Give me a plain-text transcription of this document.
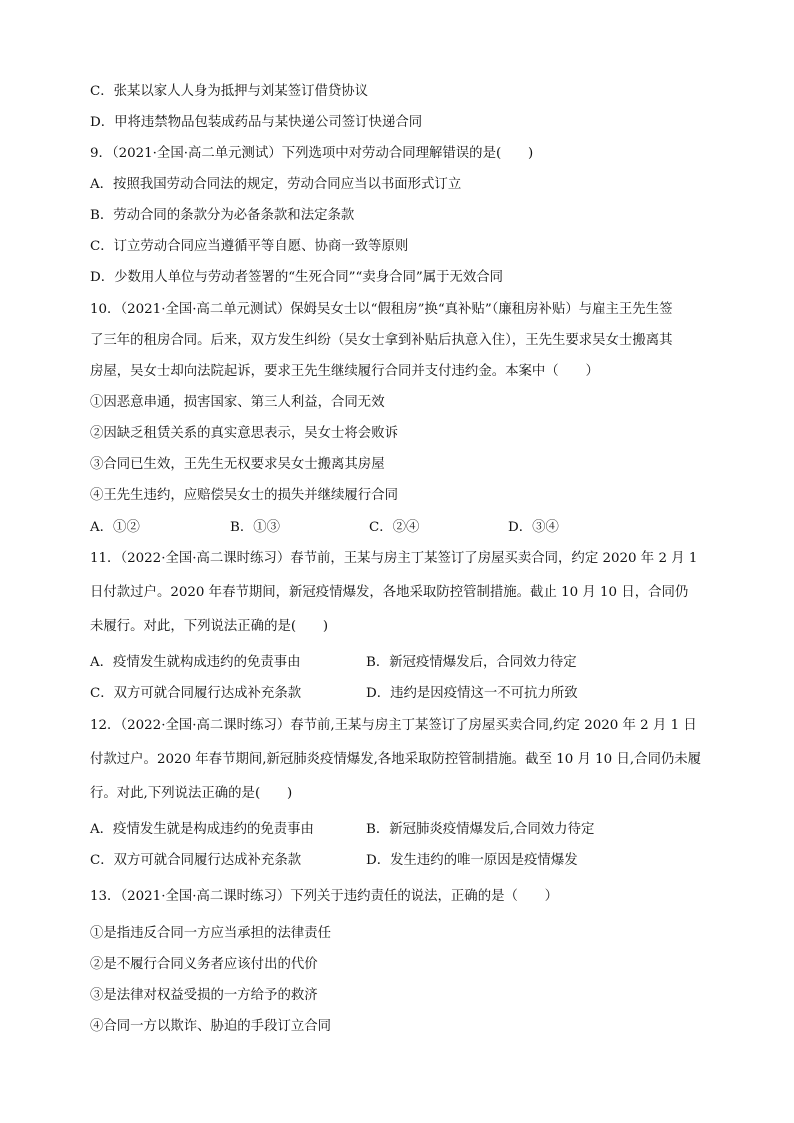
C．张某以家人人身为抵押与刘某签订借贷协议
D．甲将违禁物品包装成药品与某快递公司签订快递合同
9．（2021·全国·高二单元测试）下列选项中对劳动合同理解错误的是(　　)
A．按照我国劳动合同法的规定，劳动合同应当以书面形式订立
B．劳动合同的条款分为必备条款和法定条款
C．订立劳动合同应当遵循平等自愿、协商一致等原则
D．少数用人单位与劳动者签署的“生死合同”“卖身合同”属于无效合同
10．（2021·全国·高二单元测试）保姆吴女士以“假租房”换“真补贴”（廉租房补贴）与雇主王先生签
了三年的租房合同。后来，双方发生纠纷（吴女士拿到补贴后执意入住），王先生要求吴女士搬离其
房屋，吴女士却向法院起诉，要求王先生继续履行合同并支付违约金。本案中（　　）
①因恶意串通，损害国家、第三人利益，合同无效
②因缺乏租赁关系的真实意思表示，吴女士将会败诉
③合同已生效，王先生无权要求吴女士搬离其房屋
④王先生违约，应赔偿吴女士的损失并继续履行合同
A．①②	B．①③	C．②④	D．③④
11．（2022·全国·高二课时练习）春节前，王某与房主丁某签订了房屋买卖合同，约定 2020 年 2 月 1
日付款过户。2020 年春节期间，新冠疫情爆发，各地采取防控管制措施。截止 10 月 10 日，合同仍
未履行。对此，下列说法正确的是(　　)
A．疫情发生就构成违约的免责事由	B．新冠疫情爆发后，合同效力待定
C．双方可就合同履行达成补充条款	D．违约是因疫情这一不可抗力所致
12．（2022·全国·高二课时练习）春节前,王某与房主丁某签订了房屋买卖合同,约定 2020 年 2 月 1 日
付款过户。2020 年春节期间,新冠肺炎疫情爆发,各地采取防控管制措施。截至 10 月 10 日,合同仍未履
行。对此,下列说法正确的是(　　)
A．疫情发生就是构成违约的免责事由	B．新冠肺炎疫情爆发后,合同效力待定
C．双方可就合同履行达成补充条款	D．发生违约的唯一原因是疫情爆发
13．（2021·全国·高二课时练习）下列关于违约责任的说法，正确的是（　　）
①是指违反合同一方应当承担的法律责任
②是不履行合同义务者应该付出的代价
③是法律对权益受损的一方给予的救济
④合同一方以欺诈、胁迫的手段订立合同
